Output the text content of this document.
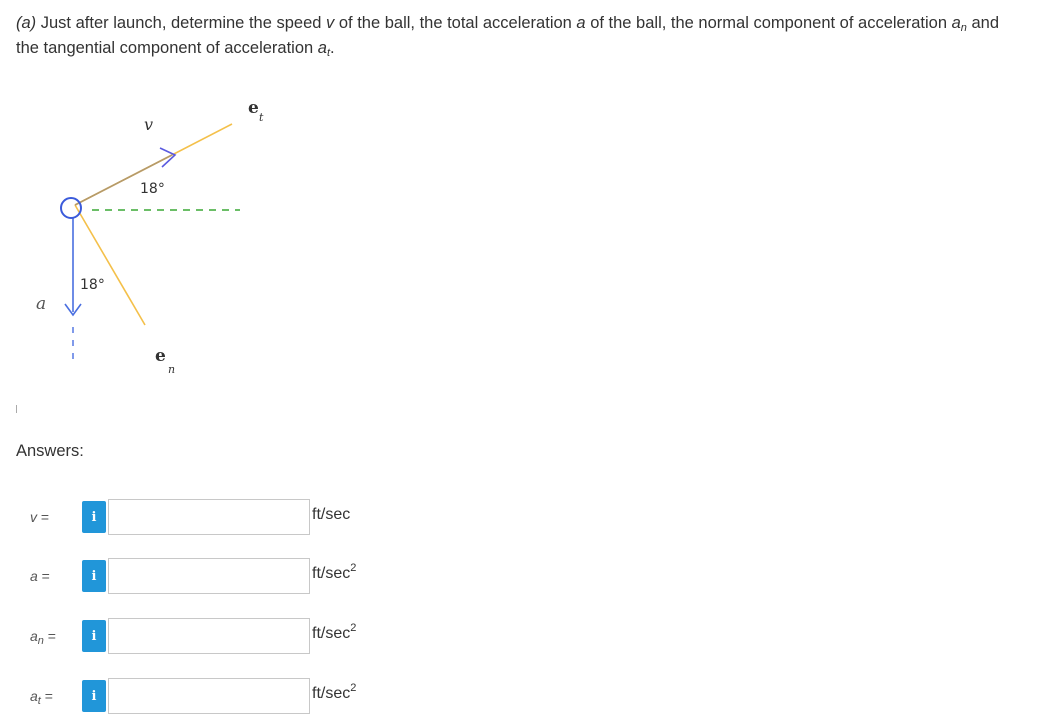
(a) Just after launch, determine the speed v of the ball, the total acceleration a of the ball, the normal component of acceleration $a_n$ and the tangential component of acceleration $a_t$.
v
e t
e
n
a
18°
18°
Answers:
v =	i	ft/sec
a =	i	$ft/\sec^2$
$a_n$ =	i	$ft/\sec^2$
$a_t$ =	i	$ft/\sec^2$
